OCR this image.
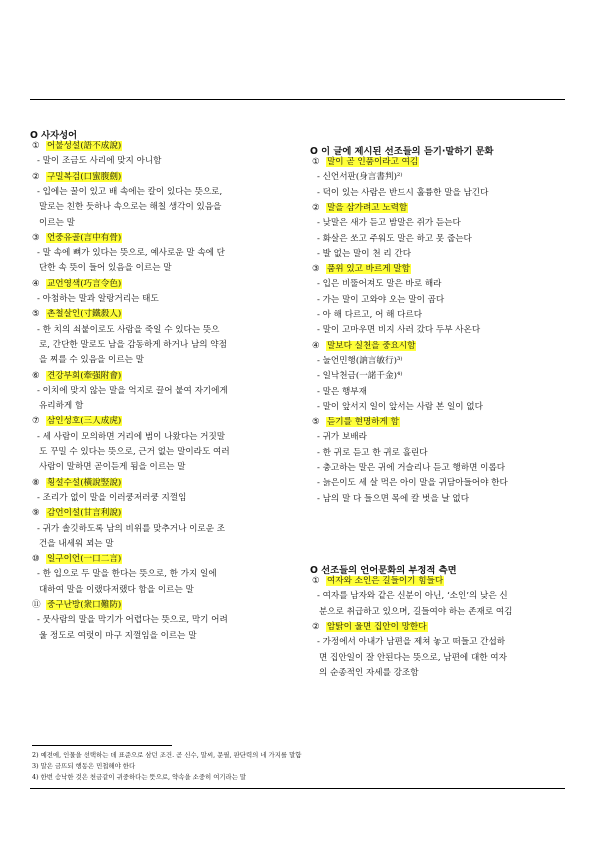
O 사자성어
① 어불성설(語不成說)
- 말이 조금도 사리에 맞지 아니함
② 구밀복검(口蜜腹劍)
- 입에는 꿀이 있고 배 속에는 칼이 있다는 뜻으로,
말로는 친한 듯하나 속으로는 해칠 생각이 있음을
이르는 말
③ 언중유골(言中有骨)
- 말 속에 뼈가 있다는 뜻으로, 예사로운 말 속에 단
단한 속 뜻이 들어 있음을 이르는 말
④ 교언영색(巧言令色)
- 아첨하는 말과 알랑거리는 태도
⑤ 촌철살인(寸鐵殺人)
- 한 치의 쇠붙이로도 사람을 죽일 수 있다는 뜻으
로, 간단한 말로도 남을 감동하게 하거나 남의 약점
을 찌를 수 있음을 이르는 말
⑥ 견강부회(牽强附會)
- 이치에 맞지 않는 말을 억지로 끌어 붙여 자기에게
유리하게 함
⑦ 삼인성호(三人成虎)
- 세 사람이 모의하면 거리에 범이 나왔다는 거짓말
도 꾸밀 수 있다는 뜻으로, 근거 없는 말이라도 여러
사람이 말하면 곧이듣게 됨을 이르는 말
⑧ 횡설수설(橫說竪說)
- 조리가 없이 말을 이러쿵저러쿵 지껄임
⑨ 감언이설(甘言利說)
- 귀가 솔깃하도록 남의 비위를 맞추거나 이로운 조
건을 내세워 꾀는 말
⑩ 일구이언(一口二言)
- 한 입으로 두 말을 한다는 뜻으로, 한 가지 일에
대하여 말을 이랬다저랬다 함을 이르는 말
⑪ 중구난방(衆口難防)
- 뭇사람의 말을 막기가 어렵다는 뜻으로, 막기 어려
울 정도로 여럿이 마구 지껄임을 이르는 말
O 이 글에 제시된 선조들의 듣기·말하기 문화
① 말이 곧 인품이라고 여김
- 신언서판(身言書判)²⁾
- 덕이 있는 사람은 반드시 훌륭한 말을 남긴다
② 말을 삼가려고 노력함
- 낮말은 새가 듣고 밤말은 쥐가 듣는다
- 화살은 쏘고 주워도 말은 하고 못 줍는다
- 발 없는 말이 천 리 간다
③ 품위 있고 바르게 말함
- 입은 비뚤어져도 말은 바로 해라
- 가는 말이 고와야 오는 말이 곱다
- 아 해 다르고, 어 해 다르다
- 말이 고마우면 비지 사러 갔다 두부 사온다
④ 말보다 실천을 중요시함
- 눌언민행(訥言敏行)³⁾
- 일낙천금(一諾千金)⁴⁾
- 말은 행부재
- 말이 앞서지 일이 앞서는 사람 본 일이 없다
⑤ 듣기를 현명하게 함
- 귀가 보배라
- 한 귀로 듣고 한 귀로 흘린다
- 충고하는 말은 귀에 거슬리나 듣고 행하면 이롭다
- 늙은이도 세 살 먹은 아이 말을 귀담아들어야 한다
- 남의 말 다 들으면 목에 칼 벗을 날 없다
O 선조들의 언어문화의 부정적 측면
① 여자와 소인은 길들이기 힘들다
- 여자를 남자와 같은 신분이 아닌, ‘소인’의 낮은 신
분으로 취급하고 있으며, 길들여야 하는 존재로 여김
② 암탉이 울면 집안이 망한다
- 가정에서 아내가 남편을 제쳐 놓고 떠들고 간섭하
면 집안일이 잘 안된다는 뜻으로, 남편에 대한 여자
의 순종적인 자세를 강조함
2) 예전에, 인물을 선택하는 데 표준으로 삼던 조건. 곧 신수, 말씨, 문필, 판단력의 네 가지를 말함
3) 말은 금뜨되 행동은 민첩해야 한다
4) 한번 승낙한 것은 천금같이 귀중하다는 뜻으로, 약속을 소중히 여기라는 말
